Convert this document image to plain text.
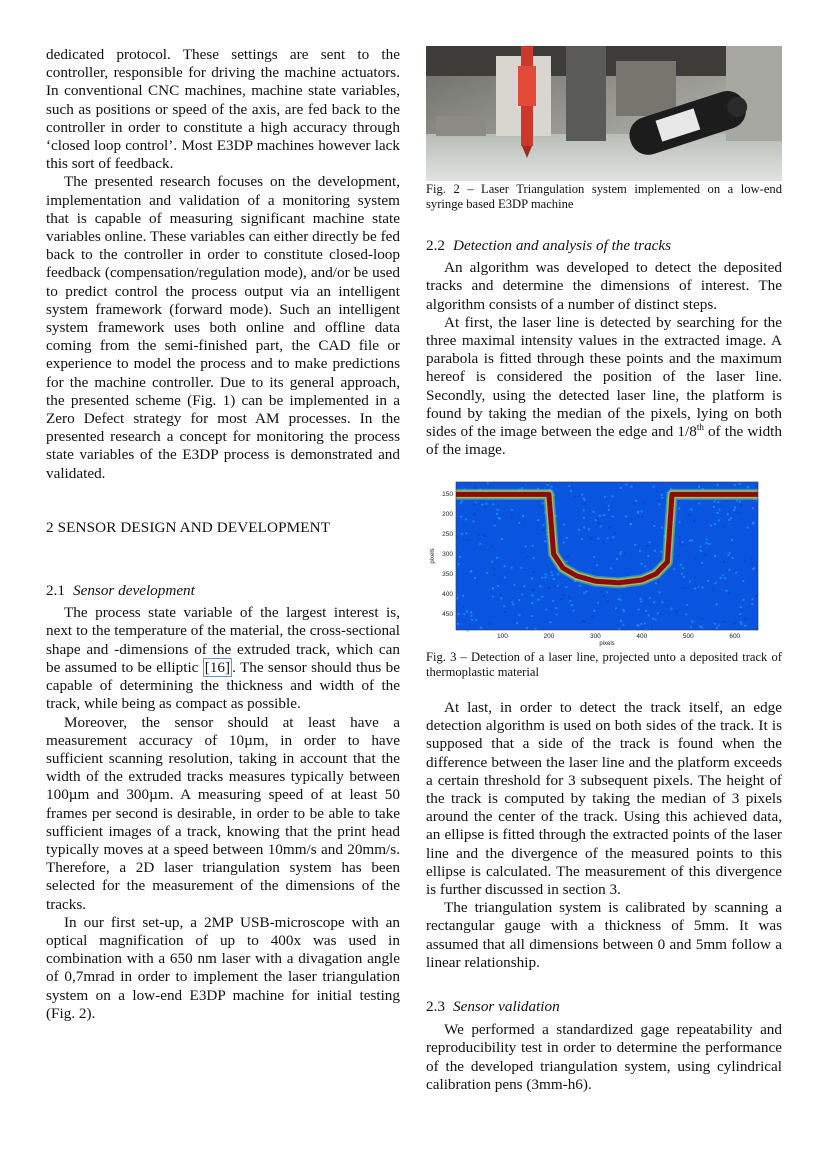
dedicated protocol. These settings are sent to the controller, responsible for driving the machine actuators. In conventional CNC machines, machine state variables, such as positions or speed of the axis, are fed back to the controller in order to constitute a high accuracy through ‘closed loop control’. Most E3DP machines however lack this sort of feedback.

The presented research focuses on the development, implementation and validation of a monitoring system that is capable of measuring significant machine state variables online. These variables can either directly be fed back to the controller in order to constitute closed-loop feedback (compensation/regulation mode), and/or be used to predict control the process output via an intelligent system framework (forward mode). Such an intelligent system framework uses both online and offline data coming from the semi-finished part, the CAD file or experience to model the process and to make predictions for the machine controller. Due to its general approach, the presented scheme (Fig. 1) can be implemented in a Zero Defect strategy for most AM processes. In the presented research a concept for monitoring the process state variables of the E3DP process is demonstrated and validated.

2 SENSOR DESIGN AND DEVELOPMENT
2.1 Sensor development

The process state variable of the largest interest is, next to the temperature of the material, the cross-sectional shape and -dimensions of the extruded track, which can be assumed to be elliptic [16] . The sensor should thus be capable of determining the thickness and width of the track, while being as compact as possible.

Moreover, the sensor should at least have a measurement accuracy of 10µm, in order to have sufficient scanning resolution, taking in account that the width of the extruded tracks measures typically between 100µm and 300µm. A measuring speed of at least 50 frames per second is desirable, in order to be able to take sufficient images of a track, knowing that the print head typically moves at a speed between 10mm/s and 20mm/s. Therefore, a 2D laser triangulation system has been selected for the measurement of the dimensions of the tracks.

In our first set-up, a 2MP USB-microscope with an optical magnification of up to 400x was used in combination with a 650 nm laser with a divagation angle of 0,7mrad in order to implement the laser triangulation system on a low-end E3DP machine for initial testing (Fig. 2).

Fig. 2 – Laser Triangulation system implemented on a low-end syringe based E3DP machine

2.2 Detection and analysis of the tracks

An algorithm was developed to detect the deposited tracks and determine the dimensions of interest. The algorithm consists of a number of distinct steps.

At first, the laser line is detected by searching for the three maximal intensity values in the extracted image. A parabola is fitted through these points and the maximum hereof is considered the position of the laser line. Secondly, using the detected laser line, the platform is found by taking the median of the pixels, lying on both sides of the image between the edge and 1/8th of the width of the image.

100	200	300	400	500	600
150
200
250
300
350
400
450
pixels
pixels

Fig. 3 – Detection of a laser line, projected unto a deposited track of thermoplastic material

At last, in order to detect the track itself, an edge detection algorithm is used on both sides of the track. It is supposed that a side of the track is found when the difference between the laser line and the platform exceeds a certain threshold for 3 subsequent pixels. The height of the track is computed by taking the median of 3 pixels around the center of the track. Using this achieved data, an ellipse is fitted through the extracted points of the laser line and the divergence of the measured points to this ellipse is calculated. The measurement of this divergence is further discussed in section 3.

The triangulation system is calibrated by scanning a rectangular gauge with a thickness of 5mm. It was assumed that all dimensions between 0 and 5mm follow a linear relationship.

2.3 Sensor validation

We performed a standardized gage repeatability and reproducibility test in order to determine the performance of the developed triangulation system, using cylindrical calibration pens (3mm-h6).
